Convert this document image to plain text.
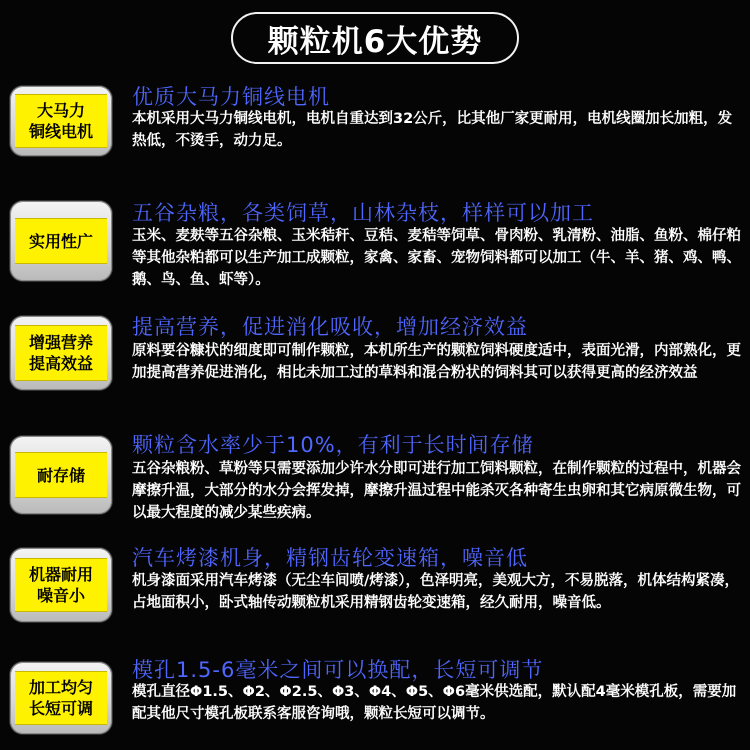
颗粒机6大优势
大马力
铜线电机
优质大马力铜线电机
本机采用大马力铜线电机，电机自重达到32公斤，比其他厂家更耐用，电机线圈加长加粗，发热低，不烫手，动力足。
实用性广
五谷杂粮，各类饲草，山林杂枝，样样可以加工
玉米、麦麸等五谷杂粮、玉米秸秆、豆秸、麦秸等饲草、骨肉粉、乳清粉、油脂、鱼粉、棉仔粕等其他杂粕都可以生产加工成颗粒，家禽、家畜、宠物饲料都可以加工（牛、羊、猪、鸡、鸭、鹅、鸟、鱼、虾等）。
增强营养
提高效益
提高营养，促进消化吸收，增加经济效益
原料要谷糠状的细度即可制作颗粒，本机所生产的颗粒饲料硬度适中，表面光滑，内部熟化，更加提高营养促进消化，相比未加工过的草料和混合粉状的饲料其可以获得更高的经济效益
耐存储
颗粒含水率少于10%，有利于长时间存储
五谷杂粮粉、草粉等只需要添加少许水分即可进行加工饲料颗粒，在制作颗粒的过程中，机器会摩擦升温，大部分的水分会挥发掉，摩擦升温过程中能杀灭各种寄生虫卵和其它病原微生物，可以最大程度的减少某些疾病。
机器耐用
噪音小
汽车烤漆机身，精钢齿轮变速箱，噪音低
机身漆面采用汽车烤漆（无尘车间喷/烤漆），色泽明亮，美观大方，不易脱落，机体结构紧凑，占地面积小，卧式轴传动颗粒机采用精钢齿轮变速箱，经久耐用，噪音低。
加工均匀
长短可调
模孔1.5-6毫米之间可以换配，长短可调节
模孔直径Φ1.5、Φ2、Φ2.5、Φ3、Φ4、Φ5、Φ6毫米供选配，默认配4毫米模孔板，需要加配其他尺寸模孔板联系客服咨询哦，颗粒长短可以调节。
